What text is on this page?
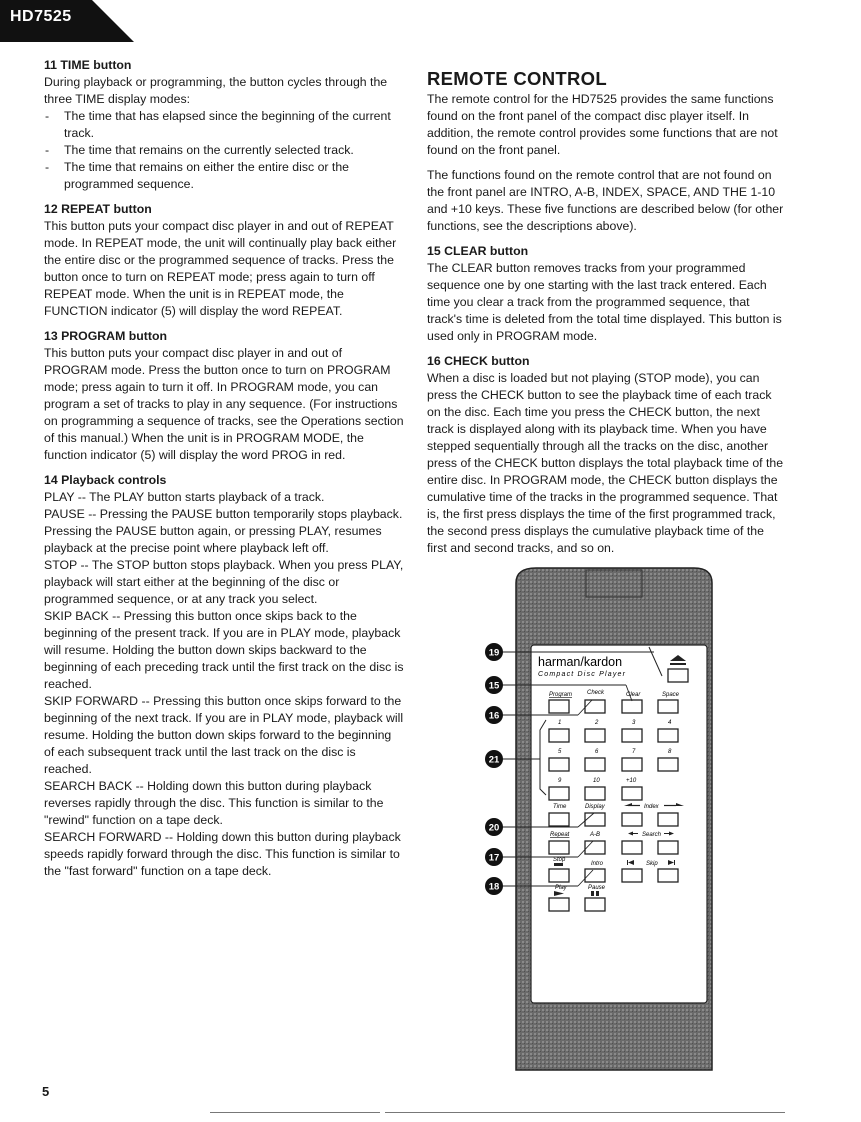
HD7525
11 TIME button

During playback or programming, the button cycles through the three TIME display modes:

- The time that has elapsed since the beginning of the current track.
- The time that remains on the currently selected track.
- The time that remains on either the entire disc or the programmed sequence.
12 REPEAT button

This button puts your compact disc player in and out of REPEAT mode. In REPEAT mode, the unit will continually play back either the entire disc or the programmed sequence of tracks. Press the button once to turn on REPEAT mode; press again to turn off REPEAT mode. When the unit is in REPEAT mode, the FUNCTION indicator (5) will display the word REPEAT.

13 PROGRAM button

This button puts your compact disc player in and out of PROGRAM mode. Press the button once to turn on PROGRAM mode; press again to turn it off. In PROGRAM mode, you can program a set of tracks to play in any sequence. (For instructions on programming a sequence of tracks, see the Operations section of this manual.) When the unit is in PROGRAM MODE, the function indicator (5) will display the word PROG in red.

14 Playback controls

PLAY -- The PLAY button starts playback of a track.

PAUSE -- Pressing the PAUSE button temporarily stops playback. Pressing the PAUSE button again, or pressing PLAY, resumes playback at the precise point where playback left off.

STOP -- The STOP button stops playback. When you press PLAY, playback will start either at the beginning of the disc or programmed sequence, or at any track you select.

SKIP BACK -- Pressing this button once skips back to the beginning of the present track. If you are in PLAY mode, playback will resume. Holding the button down skips backward to the beginning of each preceding track until the first track on the disc is reached.

SKIP FORWARD -- Pressing this button once skips forward to the beginning of the next track. If you are in PLAY mode, playback will resume. Holding the button down skips forward to the beginning of each subsequent track until the last track on the disc is reached.

SEARCH BACK -- Holding down this button during playback reverses rapidly through the disc. This function is similar to the "rewind" function on a tape deck.

SEARCH FORWARD -- Holding down this button during playback speeds rapidly forward through the disc. This function is similar to the "fast forward" function on a tape deck.

REMOTE CONTROL

The remote control for the HD7525 provides the same functions found on the front panel of the compact disc player itself. In addition, the remote control provides some functions that are not found on the front panel.

The functions found on the remote control that are not found on the front panel are INTRO, A-B, INDEX, SPACE, AND THE 1-10 and +10 keys. These five functions are described below (for other functions, see the descriptions above).

15 CLEAR button

The CLEAR button removes tracks from your programmed sequence one by one starting with the last track entered. Each time you clear a track from the programmed sequence, that track's time is deleted from the total time displayed. This button is used only in PROGRAM mode.

16 CHECK button

When a disc is loaded but not playing (STOP mode), you can press the CHECK button to see the playback time of each track on the disc. Each time you press the CHECK button, the next track is displayed along with its playback time. When you have stepped sequentially through all the tracks on the disc, another press of the CHECK button displays the total playback time of the entire disc. In PROGRAM mode, the CHECK button displays the cumulative time of the tracks in the programmed sequence. That is, the first press displays the time of the first programmed track, the second press displays the cumulative playback time of the first and second tracks, and so on.

harman/kardon
Compact Disc Player
Program Check	Clear	Space
1	2	3	4
5	6	7	8
9	10	+10
Time	Display	Index
Repeat	A-B	Search
Stop
Intro	Skip
Play	Pause
19
15
16
21
20
17
18
5
